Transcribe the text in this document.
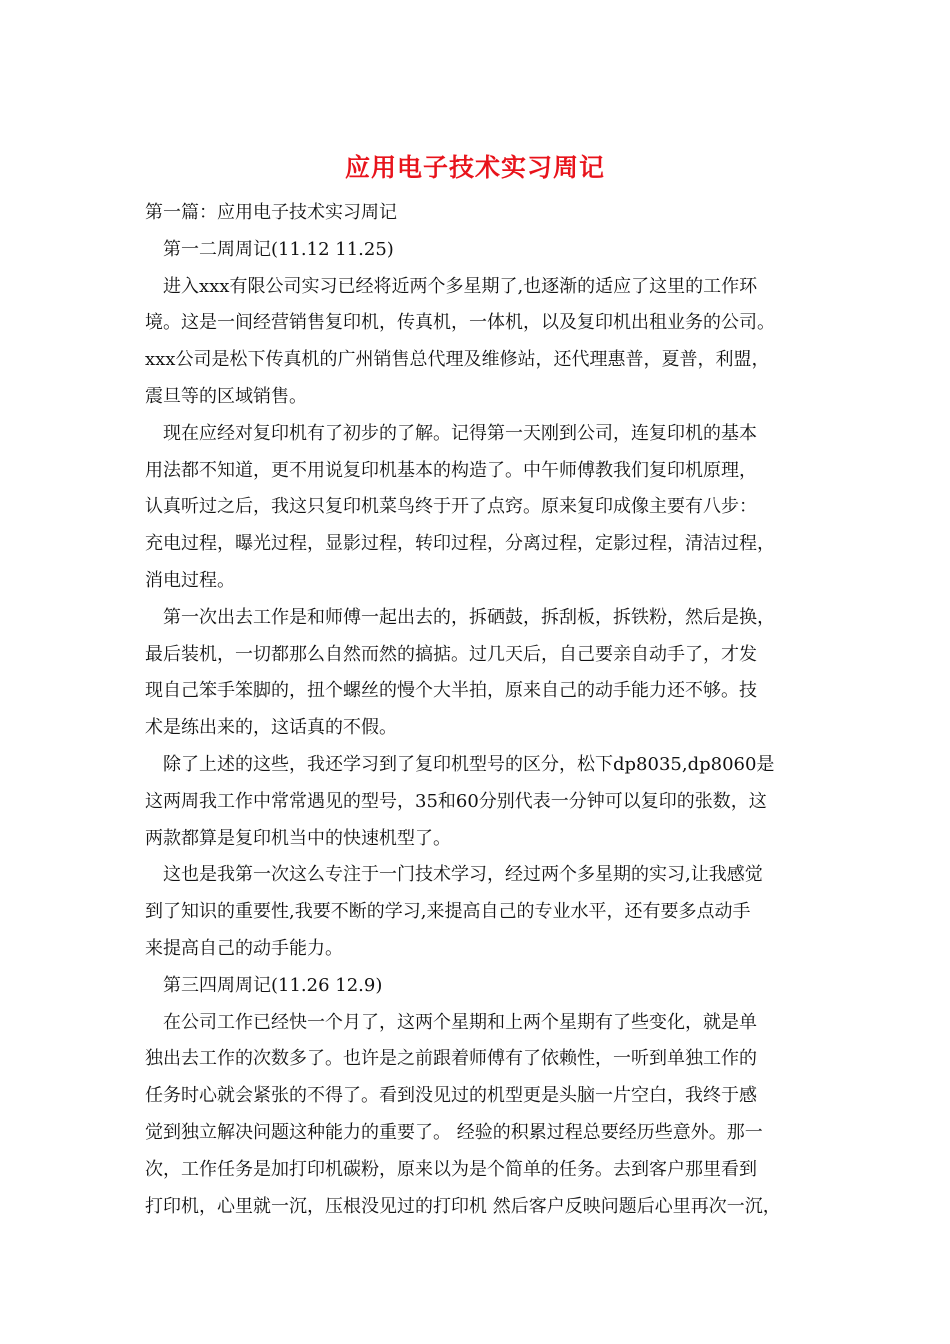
应用电子技术实习周记
第一篇：应用电子技术实习周记
第一二周周记(11.12 11.25)
进入xxx有限公司实习已经将近两个多星期了,也逐渐的适应了这里的工作环
境。这是一间经营销售复印机，传真机，一体机，以及复印机出租业务的公司。
xxx公司是松下传真机的广州销售总代理及维修站，还代理惠普，夏普，利盟，
震旦等的区域销售。
现在应经对复印机有了初步的了解。记得第一天刚到公司，连复印机的基本
用法都不知道，更不用说复印机基本的构造了。中午师傅教我们复印机原理，
认真听过之后，我这只复印机菜鸟终于开了点窍。原来复印成像主要有八步：
充电过程，曝光过程，显影过程，转印过程，分离过程，定影过程，清洁过程，
消电过程。
第一次出去工作是和师傅一起出去的，拆硒鼓，拆刮板，拆铁粉，然后是换，
最后装机，一切都那么自然而然的搞掂。过几天后，自己要亲自动手了，才发
现自己笨手笨脚的，扭个螺丝的慢个大半拍，原来自己的动手能力还不够。技
术是练出来的，这话真的不假。
除了上述的这些，我还学习到了复印机型号的区分，松下dp8035,dp8060是
这两周我工作中常常遇见的型号，35和60分别代表一分钟可以复印的张数，这
两款都算是复印机当中的快速机型了。
这也是我第一次这么专注于一门技术学习，经过两个多星期的实习,让我感觉
到了知识的重要性,我要不断的学习,来提高自己的专业水平，还有要多点动手
来提高自己的动手能力。
第三四周周记(11.26 12.9)
在公司工作已经快一个月了，这两个星期和上两个星期有了些变化，就是单
独出去工作的次数多了。也许是之前跟着师傅有了依赖性，一听到单独工作的
任务时心就会紧张的不得了。看到没见过的机型更是头脑一片空白，我终于感
觉到独立解决问题这种能力的重要了。 经验的积累过程总要经历些意外。那一
次，工作任务是加打印机碳粉，原来以为是个简单的任务。去到客户那里看到
打印机，心里就一沉，压根没见过的打印机 然后客户反映问题后心里再次一沉，
